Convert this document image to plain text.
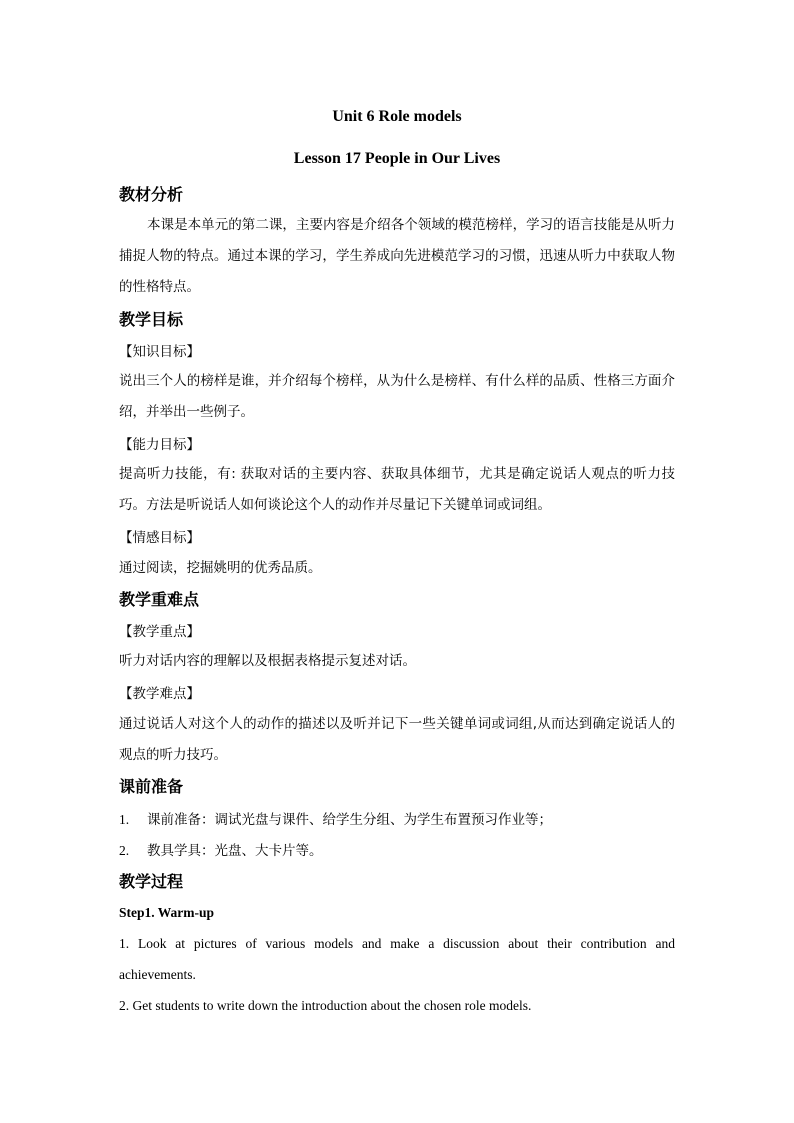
Unit 6 Role models
Lesson 17 People in Our Lives
教材分析

本课是本单元的第二课，主要内容是介绍各个领域的模范榜样，学习的语言技能是从听力捕捉人物的特点。通过本课的学习，学生养成向先进模范学习的习惯，迅速从听力中获取人物的性格特点。

教学目标

【知识目标】

说出三个人的榜样是谁，并介绍每个榜样，从为什么是榜样、有什么样的品质、性格三方面介绍，并举出一些例子。

【能力目标】

提高听力技能，有: 获取对话的主要内容、获取具体细节，尤其是确定说话人观点的听力技巧。方法是听说话人如何谈论这个人的动作并尽量记下关键单词或词组。

【情感目标】

通过阅读，挖掘姚明的优秀品质。

教学重难点

【教学重点】

听力对话内容的理解以及根据表格提示复述对话。

【教学难点】

通过说话人对这个人的动作的描述以及听并记下一些关键单词或词组,从而达到确定说话人的观点的听力技巧。

课前准备
1.	课前准备：调试光盘与课件、给学生分组、为学生布置预习作业等；
2.	教具学具：光盘、大卡片等。
教学过程

Step1. Warm-up

1. Look at pictures of various models and make a discussion about their contribution and achievements.

2. Get students to write down the introduction about the chosen role models.
